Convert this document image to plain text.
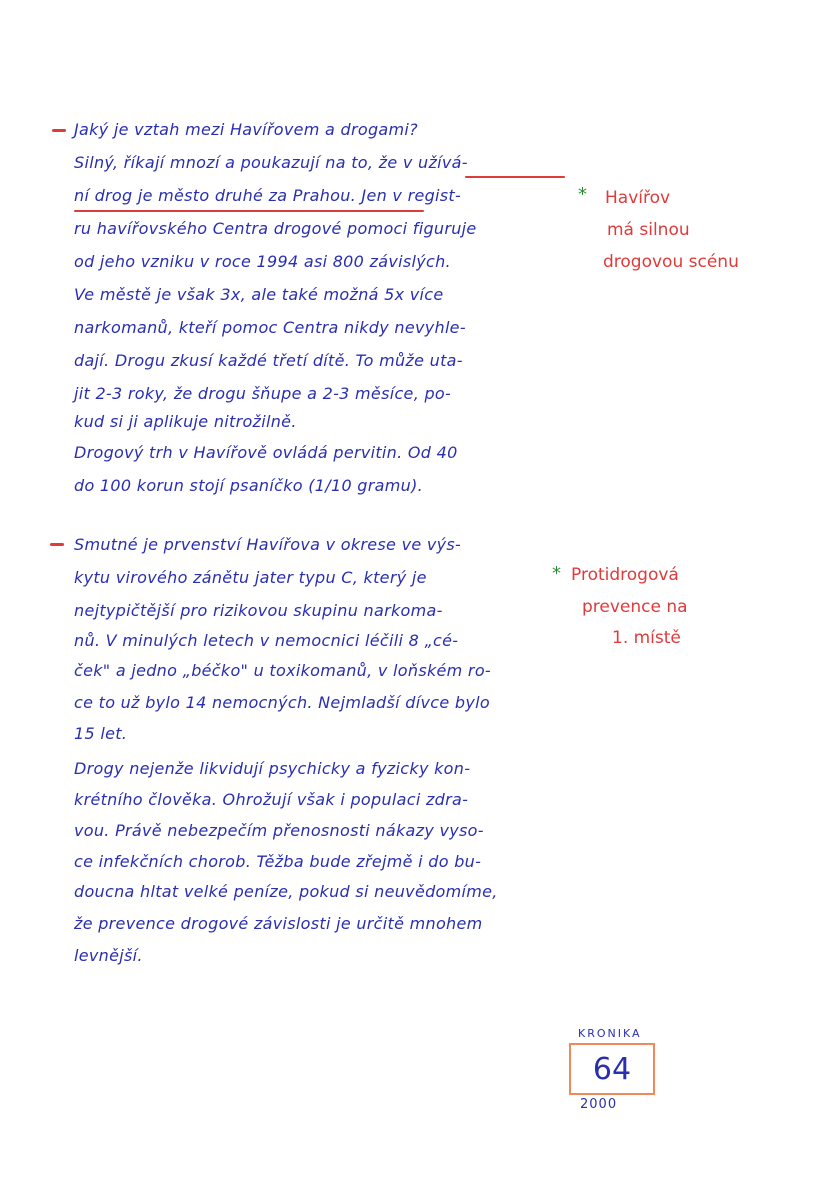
Jaký je vztah mezi Havířovem a drogami?
Silný, říkají mnozí a poukazují na to, že v užívá-
ní drog je město druhé za Prahou. Jen v regist-
ru havířovského Centra drogové pomoci figuruje
od jeho vzniku v roce 1994 asi 800 závislých.
Ve městě je však 3x, ale také možná 5x více
narkomanů, kteří pomoc Centra nikdy nevyhle-
dají. Drogu zkusí každé třetí dítě. To může uta-
jit 2-3 roky, že drogu šňupe a 2-3 měsíce, po-
kud si ji aplikuje nitrožilně.
Drogový trh v Havířově ovládá pervitin. Od 40
do 100 korun stojí psaníčko (1/10 gramu).
* Havířov
má silnou
drogovou scénu
Smutné je prvenství Havířova v okrese ve výs-
kytu virového zánětu jater typu C, který je
nejtypičtější pro rizikovou skupinu narkoma-
nů. V minulých letech v nemocnici léčili 8 „cé-
ček" a jedno „béčko" u toxikomanů, v loňském ro-
ce to už bylo 14 nemocných. Nejmladší dívce bylo
15 let.
Drogy nejenže likvidují psychicky a fyzicky kon-
krétního člověka. Ohrožují však i populaci zdra-
vou. Právě nebezpečím přenosnosti nákazy vyso-
ce infekčních chorob. Těžba bude zřejmě i do bu-
doucna hltat velké peníze, pokud si neuvědomíme,
že prevence drogové závislosti je určitě mnohem
levnější.
* Protidrogová
prevence na
1. místě
KRONIKA
64
2000
